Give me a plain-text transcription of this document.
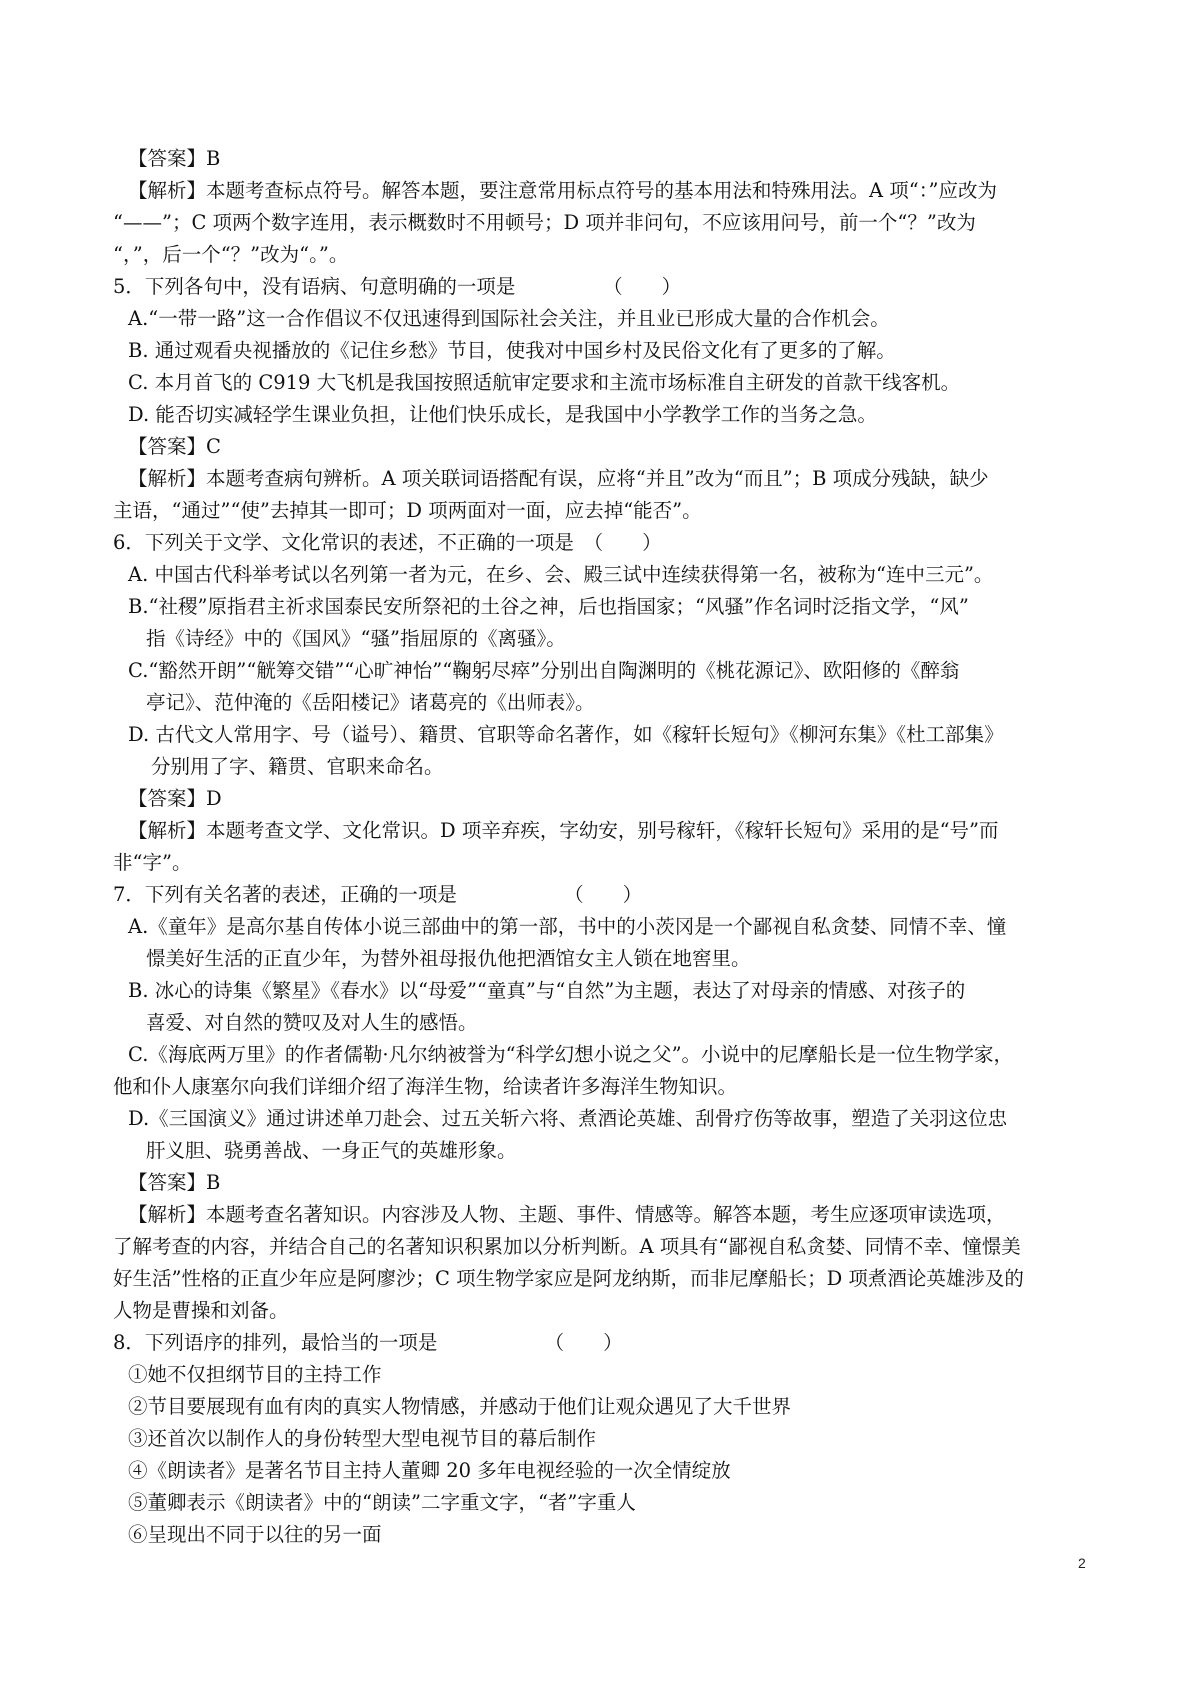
【答案】B
【解析】本题考查标点符号。解答本题，要注意常用标点符号的基本用法和特殊用法。A 项“：”应改为
“——”；C 项两个数字连用，表示概数时不用顿号；D 项并非问句，不应该用问号，前一个“？”改为
“，”，后一个“？”改为“。”。
5．下列各句中，没有语病、句意明确的一项是　　　　　（　　）
A.“一带一路”这一合作倡议不仅迅速得到国际社会关注，并且业已形成大量的合作机会。
B. 通过观看央视播放的《记住乡愁》节目，使我对中国乡村及民俗文化有了更多的了解。
C. 本月首飞的 C919 大飞机是我国按照适航审定要求和主流市场标准自主研发的首款干线客机。
D. 能否切实减轻学生课业负担，让他们快乐成长，是我国中小学教学工作的当务之急。
【答案】C
【解析】本题考查病句辨析。A 项关联词语搭配有误，应将“并且”改为“而且”；B 项成分残缺，缺少
主语，“通过”“使”去掉其一即可；D 项两面对一面，应去掉“能否”。
6．下列关于文学、文化常识的表述，不正确的一项是　（　　）
A. 中国古代科举考试以名列第一者为元，在乡、会、殿三试中连续获得第一名，被称为“连中三元”。
B.“社稷”原指君主祈求国泰民安所祭祀的土谷之神，后也指国家；“风骚”作名词时泛指文学，“风”
指《诗经》中的《国风》“骚”指屈原的《离骚》。
C.“豁然开朗”“觥筹交错”“心旷神怡”“鞠躬尽瘁”分别出自陶渊明的《桃花源记》、欧阳修的《醉翁
亭记》、范仲淹的《岳阳楼记》诸葛亮的《出师表》。
D. 古代文人常用字、号（谥号）、籍贯、官职等命名著作，如《稼轩长短句》《柳河东集》《杜工部集》
分别用了字、籍贯、官职来命名。
【答案】D
【解析】本题考查文学、文化常识。D 项辛弃疾，字幼安，别号稼轩，《稼轩长短句》采用的是“号”而
非“字”。
7．下列有关名著的表述，正确的一项是　　　　　　（　　）
A.《童年》是高尔基自传体小说三部曲中的第一部，书中的小茨冈是一个鄙视自私贪婪、同情不幸、憧
憬美好生活的正直少年，为替外祖母报仇他把酒馆女主人锁在地窖里。
B. 冰心的诗集《繁星》《春水》以“母爱”“童真”与“自然”为主题，表达了对母亲的情感、对孩子的
喜爱、对自然的赞叹及对人生的感悟。
C.《海底两万里》的作者儒勒·凡尔纳被誉为“科学幻想小说之父”。小说中的尼摩船长是一位生物学家，
他和仆人康塞尔向我们详细介绍了海洋生物，给读者许多海洋生物知识。
D.《三国演义》通过讲述单刀赴会、过五关斩六将、煮酒论英雄、刮骨疗伤等故事，塑造了关羽这位忠
肝义胆、骁勇善战、一身正气的英雄形象。
【答案】B
【解析】本题考查名著知识。内容涉及人物、主题、事件、情感等。解答本题，考生应逐项审读选项，
了解考查的内容，并结合自己的名著知识积累加以分析判断。A 项具有“鄙视自私贪婪、同情不幸、憧憬美
好生活”性格的正直少年应是阿廖沙；C 项生物学家应是阿龙纳斯，而非尼摩船长；D 项煮酒论英雄涉及的
人物是曹操和刘备。
8．下列语序的排列，最恰当的一项是　　　　　　（　　）
①她不仅担纲节目的主持工作
②节目要展现有血有肉的真实人物情感，并感动于他们让观众遇见了大千世界
③还首次以制作人的身份转型大型电视节目的幕后制作
④《朗读者》是著名节目主持人董卿 20 多年电视经验的一次全情绽放
⑤董卿表示《朗读者》中的“朗读”二字重文字，“者”字重人
⑥呈现出不同于以往的另一面
2
